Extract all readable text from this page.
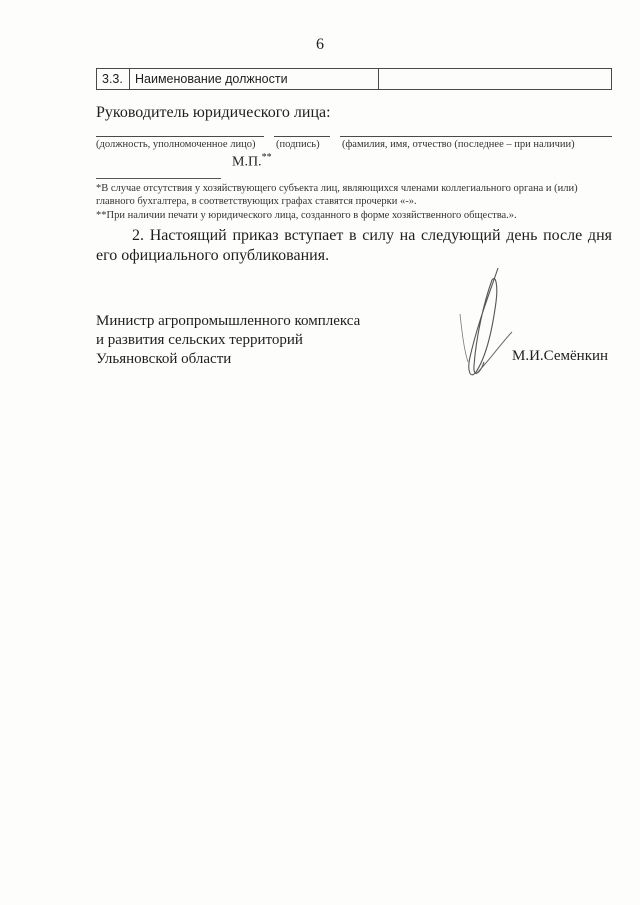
6
3.3.	Наименование должности	
Руководитель юридического лица:
(должность, уполномоченное лицо) (подпись) (фамилия, имя, отчество (последнее – при наличии)
М.П.**
*В случае отсутствия у хозяйствующего субъекта лиц, являющихся членами коллегиального органа и (или) главного бухгалтера, в соответствующих графах ставятся прочерки «-».
**При наличии печати у юридического лица, созданного в форме хозяйственного общества.».
2. Настоящий приказ вступает в силу на следующий день после дня его официального опубликования.
Министр агропромышленного комплекса
и развития сельских территорий
Ульяновской области	М.И.Семёнкин
